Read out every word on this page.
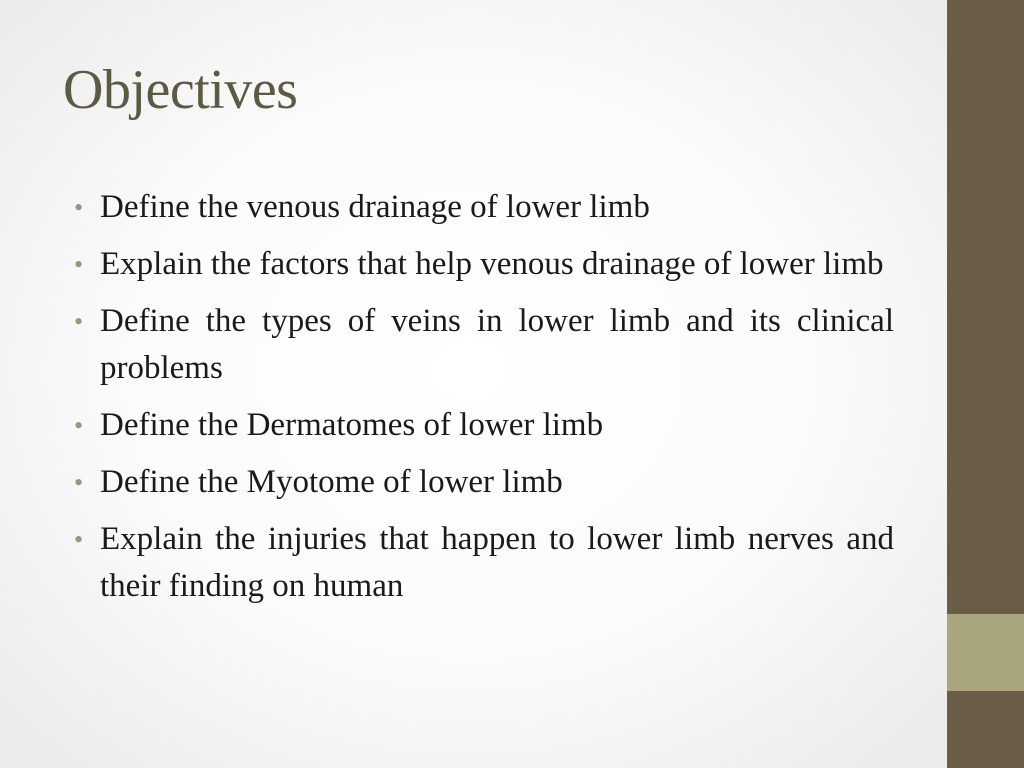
Objectives
• Define the venous drainage of lower limb
• Explain the factors that help venous drainage of lower limb
• Define the types of veins in lower limb and its clinical problems
• Define the Dermatomes of lower limb
• Define the Myotome of lower limb
• Explain the injuries that happen to lower limb nerves and their finding on human
